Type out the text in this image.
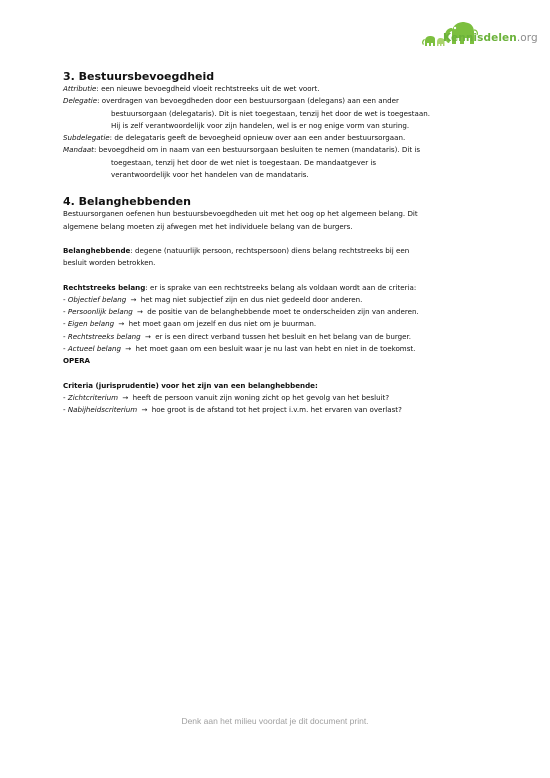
Kennisdelen.org
3. Bestuursbevoegdheid

Attributie: een nieuwe bevoegdheid vloeit rechtstreeks uit de wet voort.

Delegatie: overdragen van bevoegdheden door een bestuursorgaan (delegans) aan een ander

bestuursorgaan (delegataris). Dit is niet toegestaan, tenzij het door de wet is toegestaan.

Hij is zelf verantwoordelijk voor zijn handelen, wel is er nog enige vorm van sturing.

Subdelegatie: de delegataris geeft de bevoegheid opnieuw over aan een ander bestuursorgaan.

Mandaat: bevoegdheid om in naam van een bestuursorgaan besluiten te nemen (mandataris). Dit is

toegestaan, tenzij het door de wet niet is toegestaan. De mandaatgever is

verantwoordelijk voor het handelen van de mandataris.

4. Belanghebbenden

Bestuursorganen oefenen hun bestuursbevoegdheden uit met het oog op het algemeen belang. Dit

algemene belang moeten zij afwegen met het individuele belang van de burgers.

Belanghebbende: degene (natuurlijk persoon, rechtspersoon) diens belang rechtstreeks bij een

besluit worden betrokken.

Rechtstreeks belang: er is sprake van een rechtstreeks belang als voldaan wordt aan de criteria:

- Objectief belang → het mag niet subjectief zijn en dus niet gedeeld door anderen.

- Persoonlijk belang → de positie van de belanghebbende moet te onderscheiden zijn van anderen.

- Eigen belang → het moet gaan om jezelf en dus niet om je buurman.

- Rechtstreeks belang → er is een direct verband tussen het besluit en het belang van de burger.

- Actueel belang → het moet gaan om een besluit waar je nu last van hebt en niet in de toekomst.

OPERA

Criteria (jurisprudentie) voor het zijn van een belanghebbende:

- Zichtcriterium → heeft de persoon vanuit zijn woning zicht op het gevolg van het besluit?

- Nabijheidscriterium → hoe groot is de afstand tot het project i.v.m. het ervaren van overlast?

Denk aan het milieu voordat je dit document print.
